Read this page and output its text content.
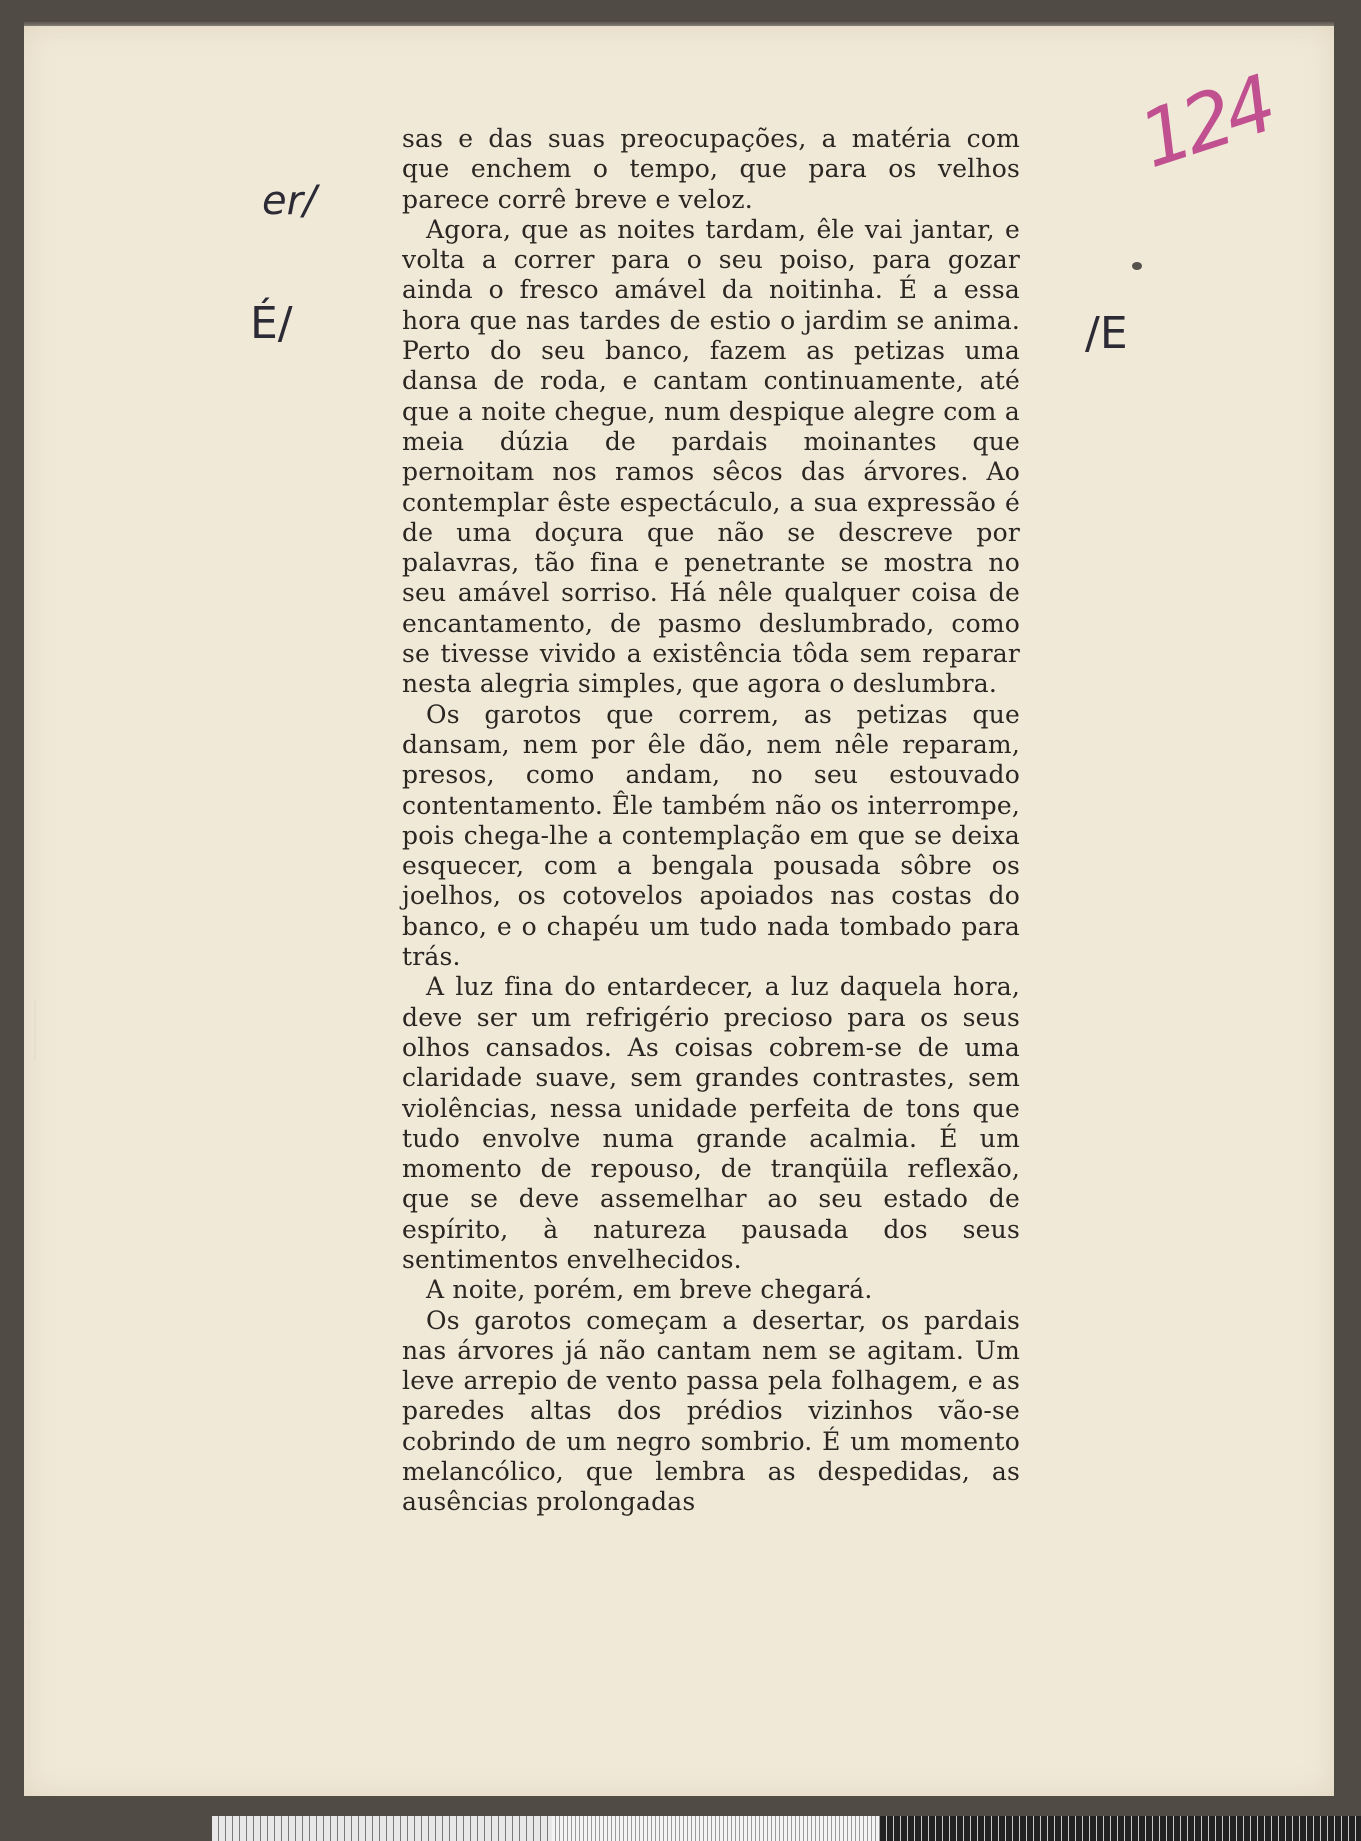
124
er/
É/	/E

sas e das suas preocupações, a matéria com que enchem o tempo, que para os velhos parece corrê breve e veloz.

Agora, que as noites tardam, êle vai jantar, e volta a correr para o seu poiso, para gozar ainda o fresco amável da noitinha. É a essa hora que nas tardes de estio o jardim se anima. Perto do seu banco, fazem as petizas uma dansa de roda, e cantam continuamente, até que a noite chegue, num despique alegre com a meia dúzia de pardais moinantes que pernoitam nos ramos sêcos das árvores. Ao contemplar êste espectáculo, a sua expressão é de uma doçura que não se descreve por palavras, tão fina e penetrante se mostra no seu amável sorriso. Há nêle qualquer coisa de encantamento, de pasmo deslumbrado, como se tivesse vivido a existência tôda sem reparar nesta alegria simples, que agora o deslumbra.

Os garotos que correm, as petizas que dansam, nem por êle dão, nem nêle reparam, presos, como andam, no seu estouvado contentamento. Êle também não os interrompe, pois chega-lhe a contemplação em que se deixa esquecer, com a bengala pousada sôbre os joelhos, os cotovelos apoiados nas costas do banco, e o chapéu um tudo nada tombado para trás.

A luz fina do entardecer, a luz daquela hora, deve ser um refrigério precioso para os seus olhos cansados. As coisas cobrem-se de uma claridade suave, sem grandes contrastes, sem violências, nessa unidade perfeita de tons que tudo envolve numa grande acalmia. É um momento de repouso, de tranqüila reflexão, que se deve assemelhar ao seu estado de espírito, à natureza pausada dos seus sentimentos envelhecidos.

A noite, porém, em breve chegará.

Os garotos começam a desertar, os pardais nas árvores já não cantam nem se agitam. Um leve arrepio de vento passa pela folhagem, e as paredes altas dos prédios vizinhos vão-se cobrindo de um negro sombrio. É um momento melancólico, que lembra as despedidas, as ausências prolongadas
